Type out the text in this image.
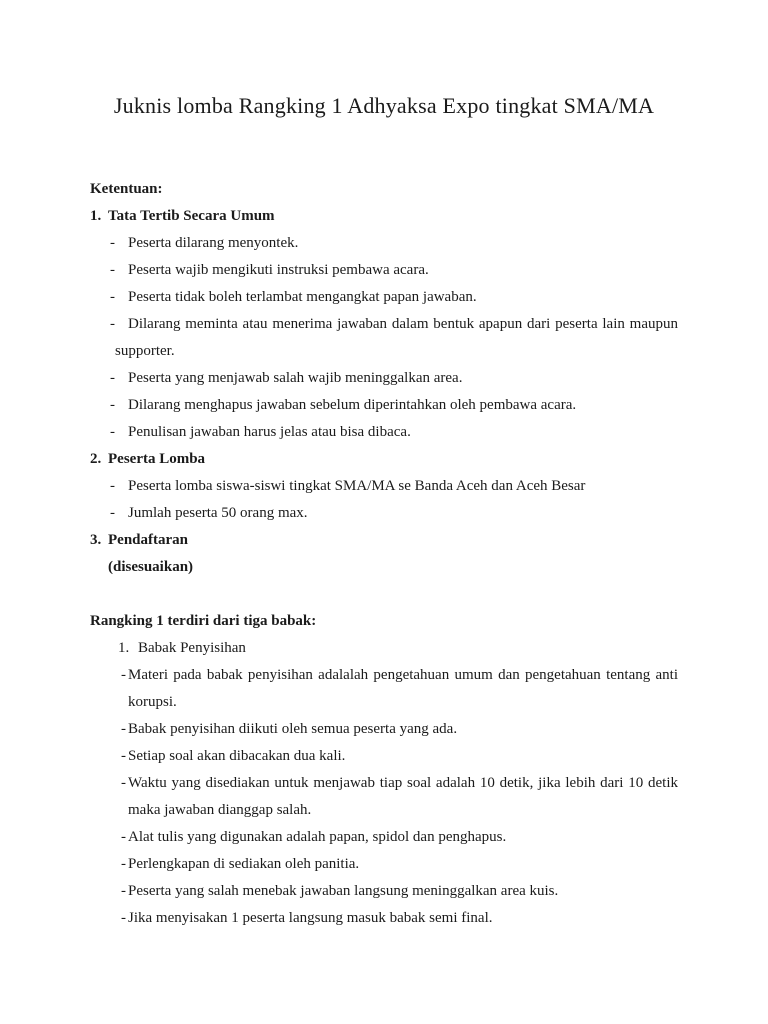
Juknis lomba Rangking 1 Adhyaksa Expo tingkat SMA/MA
Ketentuan:
1. Tata Tertib Secara Umum
- Peserta dilarang menyontek.
- Peserta wajib mengikuti instruksi pembawa acara.
- Peserta tidak boleh terlambat mengangkat papan jawaban.
- Dilarang meminta atau menerima jawaban dalam bentuk apapun dari peserta lain maupun supporter.
- Peserta yang menjawab salah wajib meninggalkan area.
- Dilarang menghapus jawaban sebelum diperintahkan oleh pembawa acara.
- Penulisan jawaban harus jelas atau bisa dibaca.
2. Peserta Lomba
- Peserta lomba siswa-siswi tingkat SMA/MA se Banda Aceh dan Aceh Besar
- Jumlah peserta 50 orang max.
3. Pendaftaran
(disesuaikan)
Rangking 1 terdiri dari tiga babak:
1. Babak Penyisihan
- Materi pada babak penyisihan adalalah pengetahuan umum dan pengetahuan tentang anti korupsi.
- Babak penyisihan diikuti oleh semua peserta yang ada.
- Setiap soal akan dibacakan dua kali.
- Waktu yang disediakan untuk menjawab tiap soal adalah 10 detik, jika lebih dari 10 detik maka jawaban dianggap salah.
- Alat tulis yang digunakan adalah papan, spidol dan penghapus.
- Perlengkapan di sediakan oleh panitia.
- Peserta yang salah menebak jawaban langsung meninggalkan area kuis.
- Jika menyisakan 1 peserta langsung masuk babak semi final.
